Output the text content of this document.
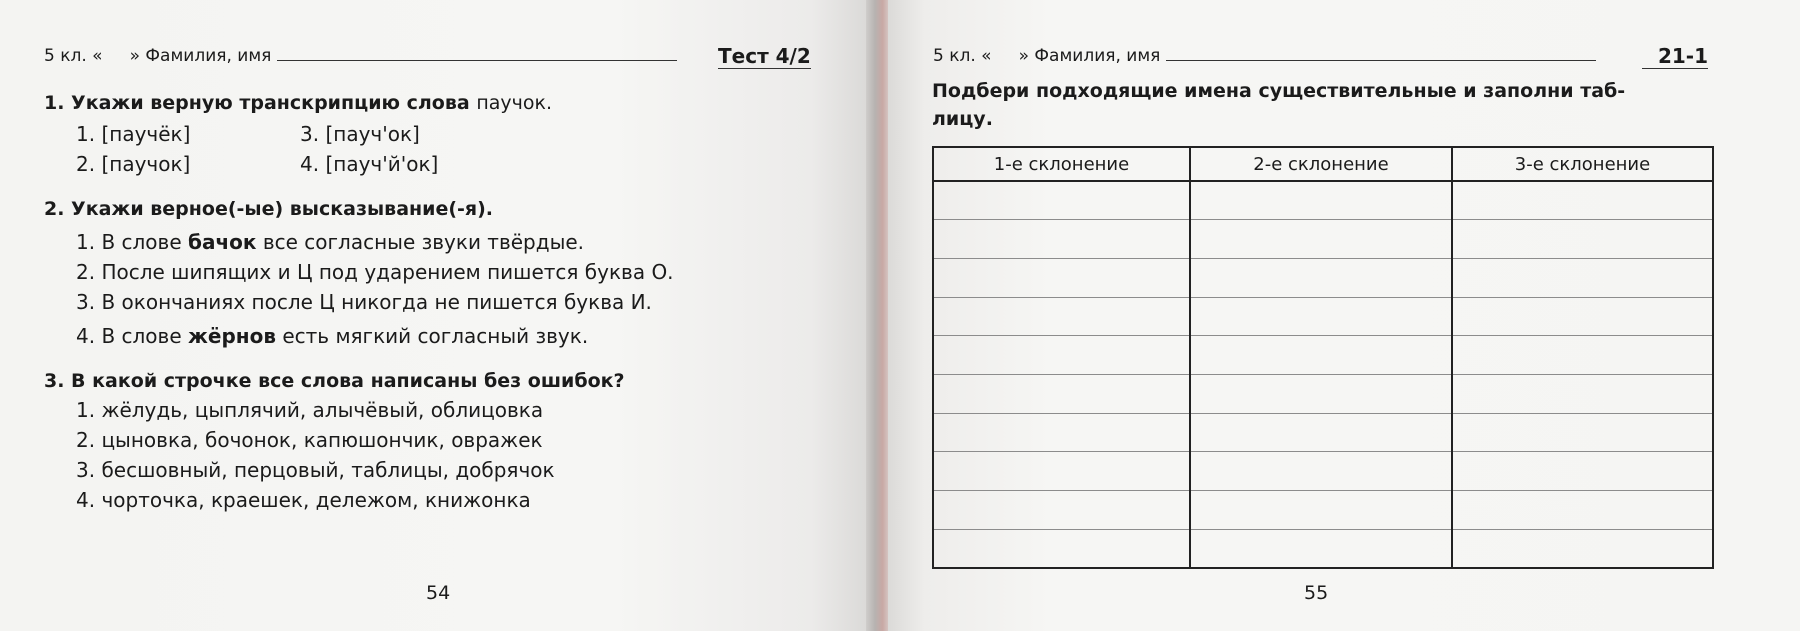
5 кл. « » Фамилия, имя	Тест 4/2
1. Укажи верную транскрипцию слова паучок.
1. [паучёк]	3. [пауч'ок]
2. [паучок]	4. [пауч'й'ок]
2. Укажи верное(-ые) высказывание(-я).
1. В слове бачок все согласные звуки твёрдые.
2. После шипящих и Ц под ударением пишется буква О.
3. В окончаниях после Ц никогда не пишется буква И.
4. В слове жёрнов есть мягкий согласный звук.
3. В какой строчке все слова написаны без ошибок?
1. жёлудь, цыплячий, алычёвый, облицовка
2. цыновка, бочонок, капюшончик, овражек
3. бесшовный, перцовый, таблицы, добрячок
4. чорточка, краешек, дележом, книжонка
54
5 кл. « » Фамилия, имя	21-1
Подбери подходящие имена существительные и заполни таб-
лицу.
55
1-е склонение	2-е склонение	3-е склонение
